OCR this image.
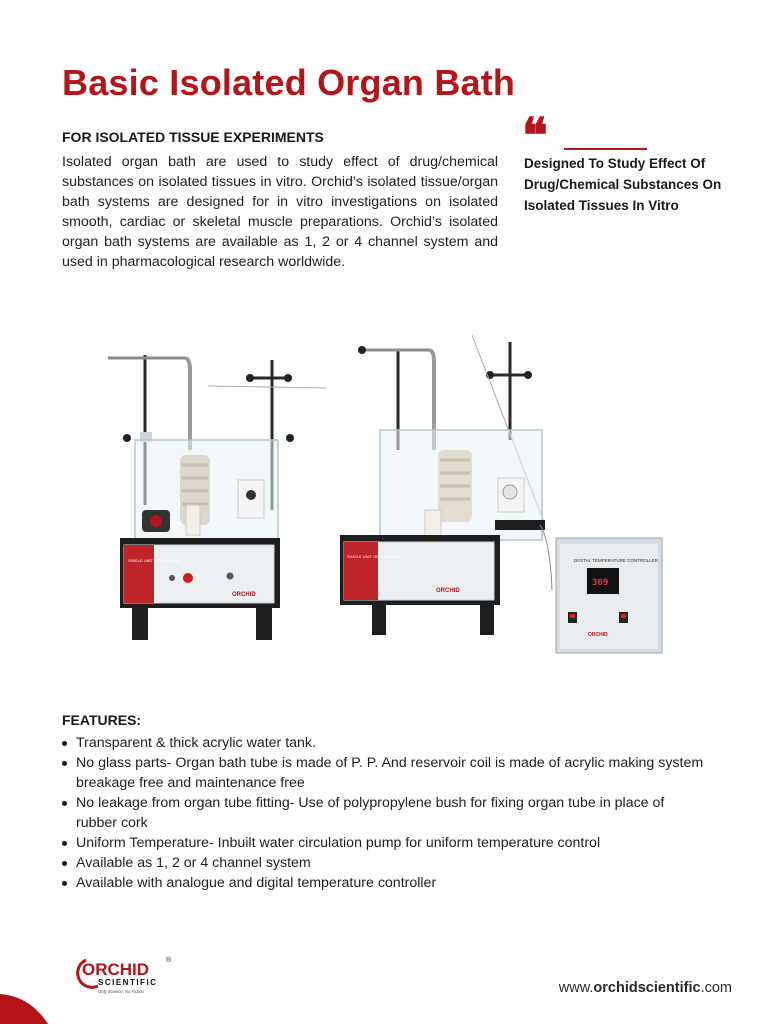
Basic Isolated Organ Bath
FOR ISOLATED TISSUE EXPERIMENTS

Isolated organ bath are used to study effect of drug/chemical substances on isolated tissues in vitro. Orchid’s isolated tissue/organ bath systems are designed for in vitro investigations on isolated smooth, cardiac or skeletal muscle preparations. Orchid’s isolated organ bath systems are available as 1, 2 or 4 channel system and used in pharmacological research worldwide.

❝

Designed To Study Effect Of Drug/Chemical Substances On Isolated Tissues In Vitro

SINGLE UNIT ORGAN BATH
ORCHID
SINGLE UNIT ORGAN BATH
ORCHID
DIGITAL TEMPERATURE CONTROLLER
369
ORCHID
FEATURES:
Transparent & thick acrylic water tank.
No glass parts- Organ bath tube is made of P. P. And reservoir coil is made of acrylic making system breakage free and maintenance free
No leakage from organ tube fitting- Use of polypropylene bush for fixing organ tube in place of rubber cork
Uniform Temperature- Inbuilt water circulation pump for uniform temperature control
Available as 1, 2 or 4 channel system
Available with analogue and digital temperature controller
ORCHID ®
SCIENTIFIC
Only Science, No Fiction	www.orchidscientific.com
